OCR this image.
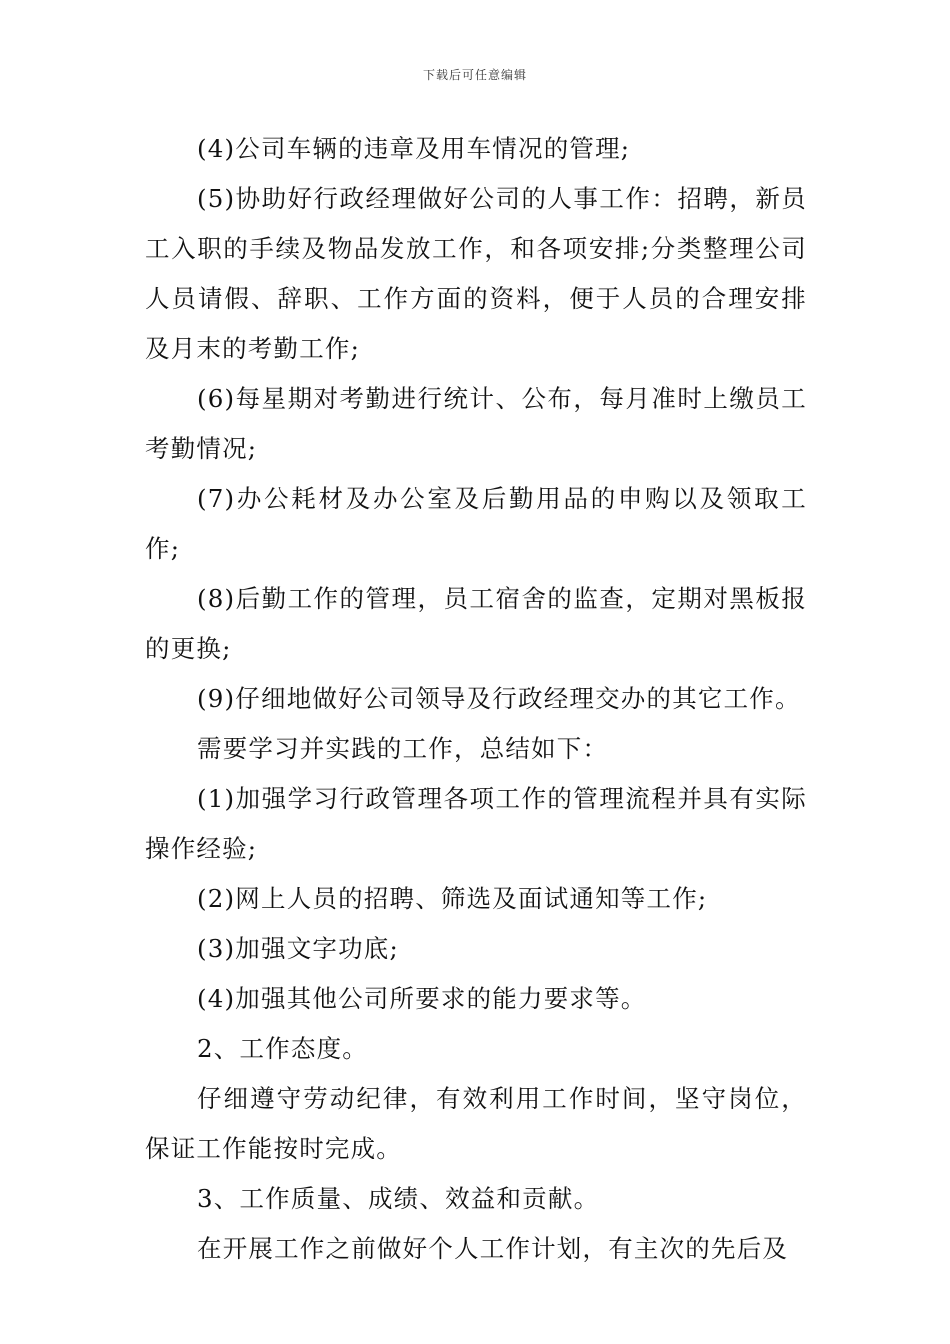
下载后可任意编辑

(4)公司车辆的违章及用车情况的管理;

(5)协助好行政经理做好公司的人事工作：招聘，新员工入职的手续及物品发放工作，和各项安排;分类整理公司人员请假、辞职、工作方面的资料，便于人员的合理安排及月末的考勤工作;

(6)每星期对考勤进行统计、公布，每月准时上缴员工考勤情况;

(7)办公耗材及办公室及后勤用品的申购以及领取工作;

(8)后勤工作的管理，员工宿舍的监查，定期对黑板报的更换;

(9)仔细地做好公司领导及行政经理交办的其它工作。

需要学习并实践的工作，总结如下：

(1)加强学习行政管理各项工作的管理流程并具有实际操作经验;

(2)网上人员的招聘、筛选及面试通知等工作;

(3)加强文字功底;

(4)加强其他公司所要求的能力要求等。

2、工作态度。

仔细遵守劳动纪律，有效利用工作时间，坚守岗位，保证工作能按时完成。

3、工作质量、成绩、效益和贡献。

在开展工作之前做好个人工作计划，有主次的先后及
